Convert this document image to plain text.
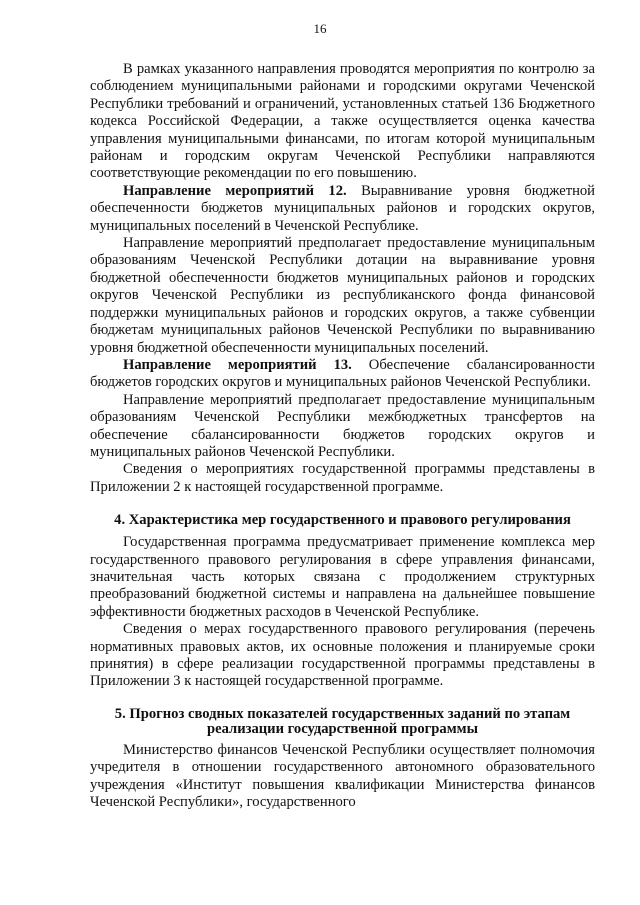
16

В рамках указанного направления проводятся мероприятия по контролю за соблюдением муниципальными районами и городскими округами Чеченской Республики требований и ограничений, установленных статьей 136 Бюджетного кодекса Российской Федерации, а также осуществляется оценка качества управления муниципальными финансами, по итогам которой муниципальным районам и городским округам Чеченской Республики направляются соответствующие рекомендации по его повышению.

Направление мероприятий 12. Выравнивание уровня бюджетной обеспеченности бюджетов муниципальных районов и городских округов, муниципальных поселений в Чеченской Республике.

Направление мероприятий предполагает предоставление муниципальным образованиям Чеченской Республики дотации на выравнивание уровня бюджетной обеспеченности бюджетов муниципальных районов и городских округов Чеченской Республики из республиканского фонда финансовой поддержки муниципальных районов и городских округов, а также субвенции бюджетам муниципальных районов Чеченской Республики по выравниванию уровня бюджетной обеспеченности муниципальных поселений.

Направление мероприятий 13. Обеспечение сбалансированности бюджетов городских округов и муниципальных районов Чеченской Республики.

Направление мероприятий предполагает предоставление муниципальным образованиям Чеченской Республики межбюджетных трансфертов на обеспечение сбалансированности бюджетов городских округов и муниципальных районов Чеченской Республики.

Сведения о мероприятиях государственной программы представлены в Приложении 2 к настоящей государственной программе.

4. Характеристика мер государственного и правового регулирования

Государственная программа предусматривает применение комплекса мер государственного правового регулирования в сфере управления финансами, значительная часть которых связана с продолжением структурных преобразований бюджетной системы и направлена на дальнейшее повышение эффективности бюджетных расходов в Чеченской Республике.

Сведения о мерах государственного правового регулирования (перечень нормативных правовых актов, их основные положения и планируемые сроки принятия) в сфере реализации государственной программы представлены в Приложении 3 к настоящей государственной программе.

5. Прогноз сводных показателей государственных заданий по этапам
реализации государственной программы

Министерство финансов Чеченской Республики осуществляет полномочия учредителя в отношении государственного автономного образовательного учреждения «Институт повышения квалификации Министерства финансов Чеченской Республики», государственного
